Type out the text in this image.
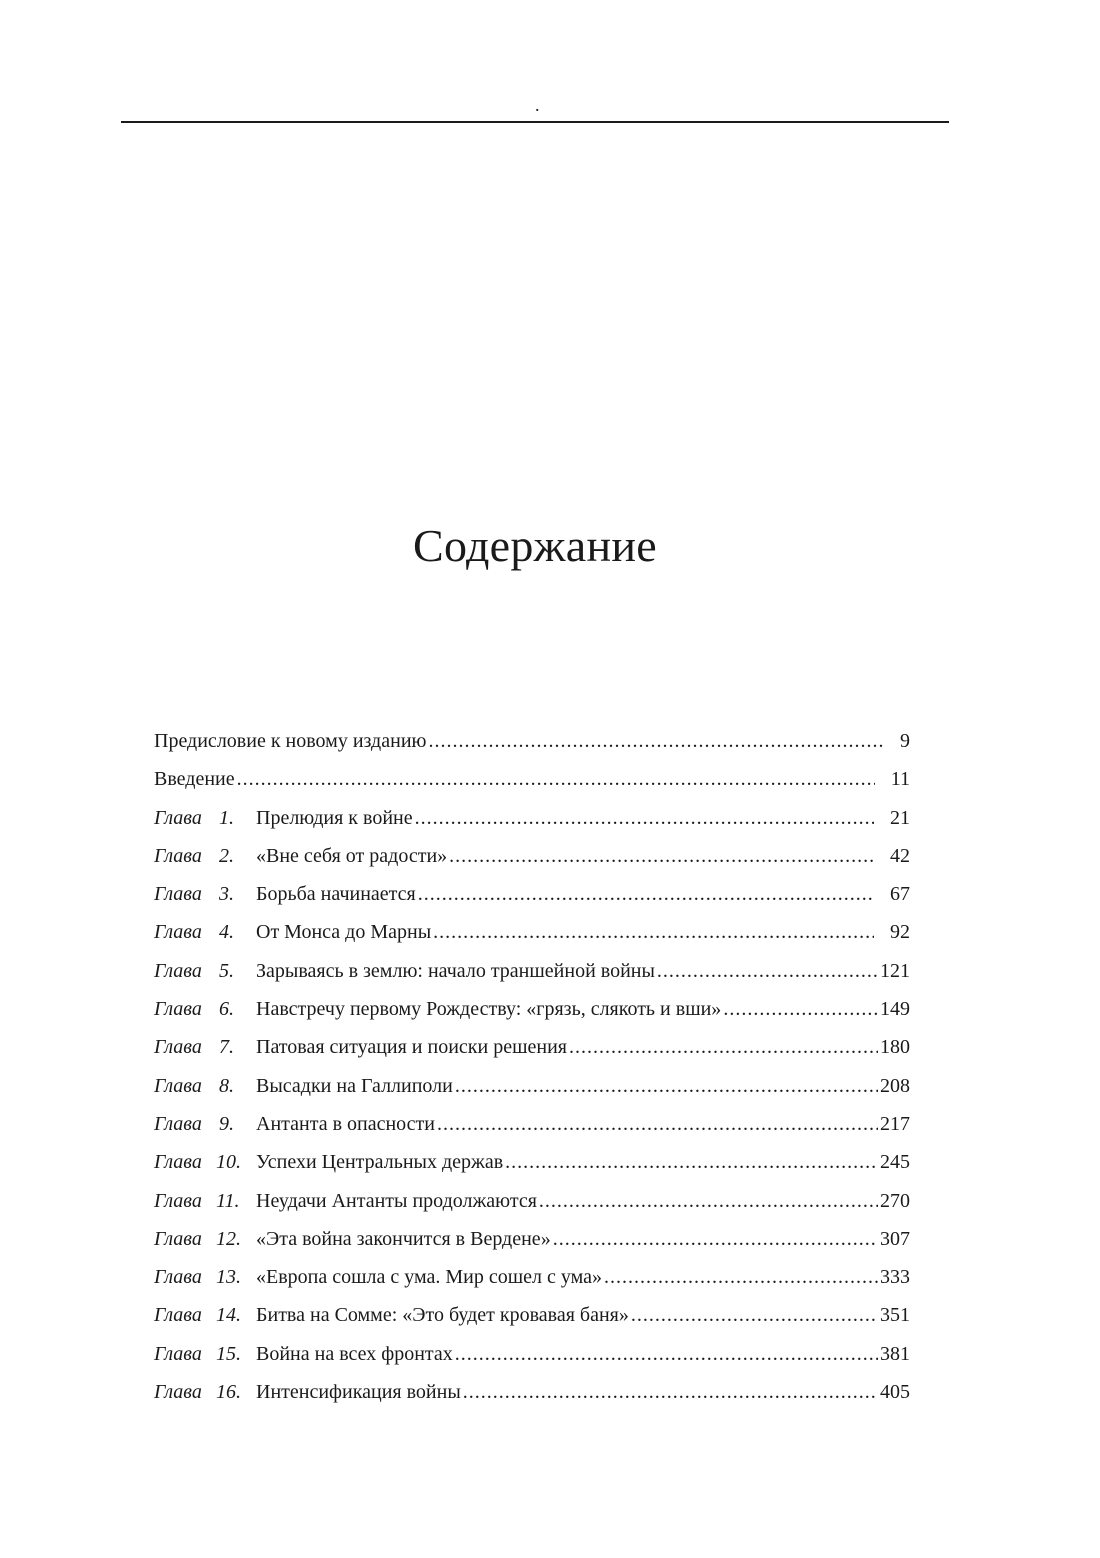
.
Содержание
Предисловие к новому изданию .....	9
Введение .....	11
Глава 1. Прелюдия к войне .....	21
Глава 2. «Вне себя от радости» .....	42
Глава 3. Борьба начинается .....	67
Глава 4. От Монса до Марны .....	92
Глава 5. Зарываясь в землю: начало траншейной войны .....	121
Глава 6. Навстречу первому Рождеству: «грязь, слякоть и вши» .....	149
Глава 7. Патовая ситуация и поиски решения .....	180
Глава 8. Высадки на Галлиполи .....	208
Глава 9. Антанта в опасности .....	217
Глава 10. Успехи Центральных держав .....	245
Глава 11. Неудачи Антанты продолжаются .....	270
Глава 12. «Эта война закончится в Вердене» .....	307
Глава 13. «Европа сошла с ума. Мир сошел с ума» .....	333
Глава 14. Битва на Сомме: «Это будет кровавая баня» .....	351
Глава 15. Война на всех фронтах .....	381
Глава 16. Интенсификация войны .....	405
